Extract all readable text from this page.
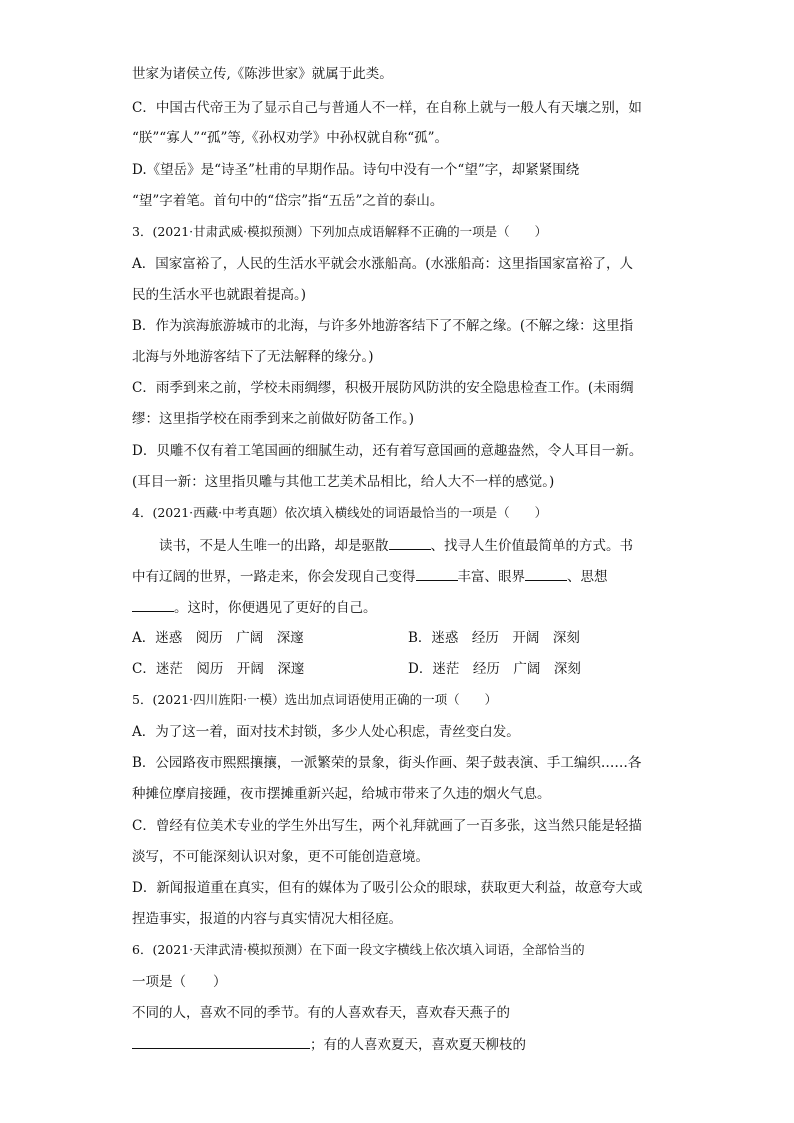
世家为诸侯立传,《陈涉世家》就属于此类。
C．中国古代帝王为了显示自己与普通人不一样，在自称上就与一般人有天壤之别，如
“朕”“寡人”“孤”等,《孙权劝学》中孙权就自称“孤”。
D.《望岳》是“诗圣”杜甫的早期作品。诗句中没有一个“望”字，却紧紧围绕
“望”字着笔。首句中的“岱宗”指“五岳”之首的泰山。
3．(2021·甘肃武威·模拟预测）下列加点成语解释不正确的一项是（　　）
A．国家富裕了，人民的生活水平就会水涨船高。(水涨船高：这里指国家富裕了，人
民的生活水平也就跟着提高。)
B．作为滨海旅游城市的北海，与许多外地游客结下了不解之缘。(不解之缘：这里指
北海与外地游客结下了无法解释的缘分。)
C．雨季到来之前，学校未雨绸缪，积极开展防风防洪的安全隐患检查工作。(未雨绸
缪：这里指学校在雨季到来之前做好防备工作。)
D．贝雕不仅有着工笔国画的细腻生动，还有着写意国画的意趣盎然，令人耳目一新。
(耳目一新：这里指贝雕与其他工艺美术品相比，给人大不一样的感觉。)
4．(2021·西藏·中考真题）依次填入横线处的词语最恰当的一项是（　　）
读书，不是人生唯一的出路，却是驱散	、找寻人生价值最简单的方式。书
中有辽阔的世界，一路走来，你会发现自己变得	丰富、眼界	、思想
。这时，你便遇见了更好的自己。
A．迷惑　阅历　广阔　深邃	B．迷惑　经历　开阔　深刻
C．迷茫　阅历　开阔　深邃	D．迷茫　经历　广阔　深刻
5．(2021·四川旌阳·一模）选出加点词语使用正确的一项（　　）
A．为了这一着，面对技术封锁，多少人处心积虑，青丝变白发。
B．公园路夜市熙熙攘攘，一派繁荣的景象，街头作画、架子鼓表演、手工编织……各
种摊位摩肩接踵，夜市摆摊重新兴起，给城市带来了久违的烟火气息。
C．曾经有位美术专业的学生外出写生，两个礼拜就画了一百多张，这当然只能是轻描
淡写，不可能深刻认识对象，更不可能创造意境。
D．新闻报道重在真实，但有的媒体为了吸引公众的眼球，获取更大利益，故意夸大或
捏造事实，报道的内容与真实情况大相径庭。
6．(2021·天津武清·模拟预测）在下面一段文字横线上依次填入词语，全部恰当的
一项是（　　）
不同的人，喜欢不同的季节。有的人喜欢春天，喜欢春天燕子的
；有的人喜欢夏天，喜欢夏天柳枝的
